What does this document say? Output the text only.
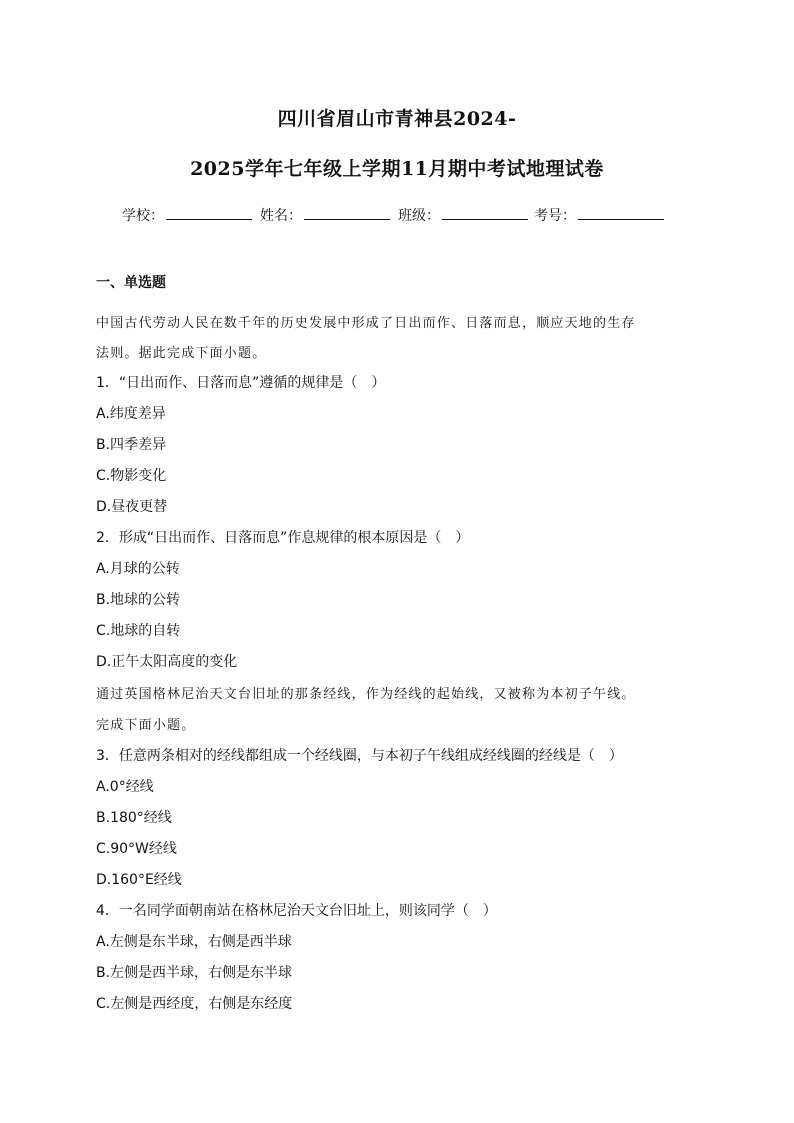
四川省眉山市青神县2024-
2025学年七年级上学期11月期中考试地理试卷
学校：	姓名：	班级：	考号：
一、单选题
中国古代劳动人民在数千年的历史发展中形成了日出而作、日落而息，顺应天地的生存
法则。据此完成下面小题。
1．“日出而作、日落而息”遵循的规律是（　）
A.纬度差异
B.四季差异
C.物影变化
D.昼夜更替
2．形成“日出而作、日落而息”作息规律的根本原因是（　）
A.月球的公转
B.地球的公转
C.地球的自转
D.正午太阳高度的变化
通过英国格林尼治天文台旧址的那条经线，作为经线的起始线，又被称为本初子午线。
完成下面小题。
3．任意两条相对的经线都组成一个经线圈，与本初子午线组成经线圈的经线是（　）
A.0°经线
B.180°经线
C.90°W经线
D.160°E经线
4．一名同学面朝南站在格林尼治天文台旧址上，则该同学（　）
A.左侧是东半球，右侧是西半球
B.左侧是西半球，右侧是东半球
C.左侧是西经度，右侧是东经度
